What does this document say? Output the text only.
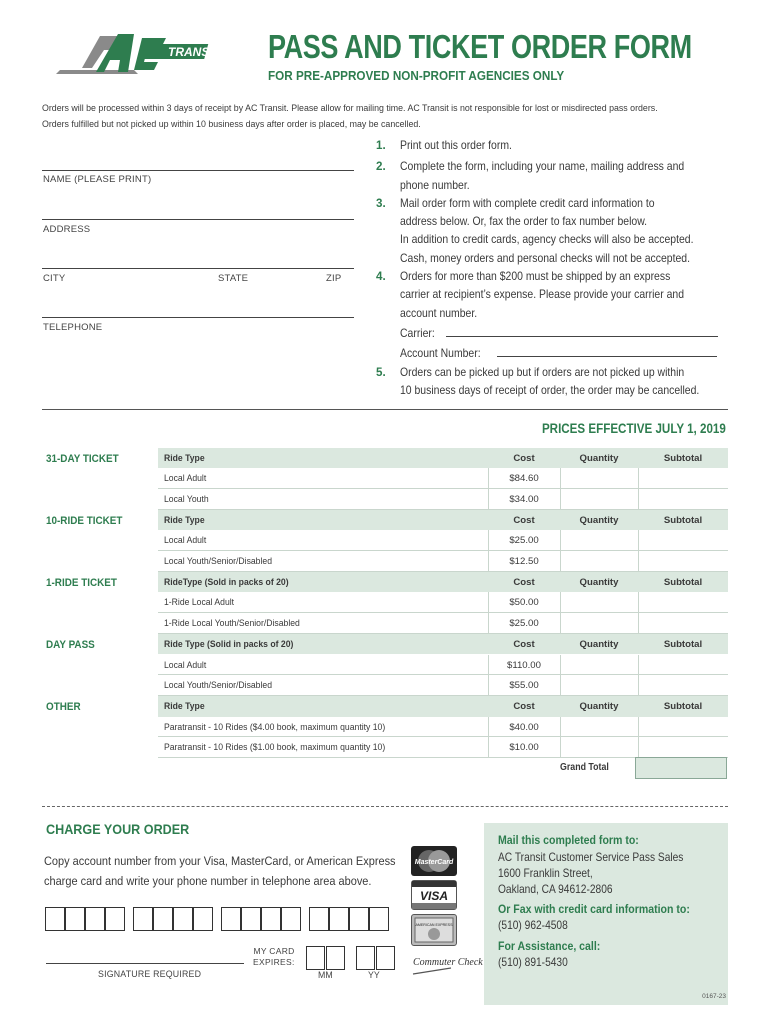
TRANSIT PASS AND TICKET ORDER FORM
FOR PRE-APPROVED NON-PROFIT AGENCIES ONLY
Orders will be processed within 3 days of receipt by AC Transit. Please allow for mailing time. AC Transit is not responsible for lost or misdirected pass orders.
Orders fulfilled but not picked up within 10 business days after order is placed, may be cancelled.
NAME (PLEASE PRINT)
ADDRESS
CITY	STATE	ZIP
TELEPHONE
1. Print out this order form.
2. Complete the form, including your name, mailing address and
phone number.
3. Mail order form with complete credit card information to
address below. Or, fax the order to fax number below.
In addition to credit cards, agency checks will also be accepted.
Cash, money orders and personal checks will not be accepted.
4. Orders for more than $200 must be shipped by an express
carrier at recipient’s expense. Please provide your carrier and
account number.
Carrier:
Account Number:
5. Orders can be picked up but if orders are not picked up within
10 business days of receipt of order, the order may be cancelled.
PRICES EFFECTIVE JULY 1, 2019
31-DAY TICKET	Ride Type	Cost	Quantity	Subtotal
Local Adult	$84.60
Local Youth	$34.00
10-RIDE TICKET	Ride Type	Cost	Quantity	Subtotal
Local Adult	$25.00
Local Youth/Senior/Disabled	$12.50
1-RIDE TICKET	RideType (Sold in packs of 20)	Cost	Quantity	Subtotal
1-Ride Local Adult	$50.00
1-Ride Local Youth/Senior/Disabled	$25.00
DAY PASS	Ride Type (Solid in packs of 20)	Cost	Quantity	Subtotal
Local Adult	$110.00
Local Youth/Senior/Disabled	$55.00
OTHER	Ride Type	Cost	Quantity	Subtotal
Paratransit - 10 Rides ($4.00 book, maximum quantity 10)	$40.00
Paratransit - 10 Rides ($1.00 book, maximum quantity 10)	$10.00
Grand Total
CHARGE YOUR ORDER
Copy account number from your Visa, MasterCard, or American Express
charge card and write your phone number in telephone area above.
SIGNATURE REQUIRED
MY CARD
EXPIRES:
MM	YY
MasterCard
VISA
AMERICAN EXPRESS
Commuter Check
Mail this completed form to:
AC Transit Customer Service Pass Sales
1600 Franklin Street,
Oakland, CA 94612-2806
Or Fax with credit card information to:
(510) 962-4508
For Assistance, call:
(510) 891-5430
0167-23
